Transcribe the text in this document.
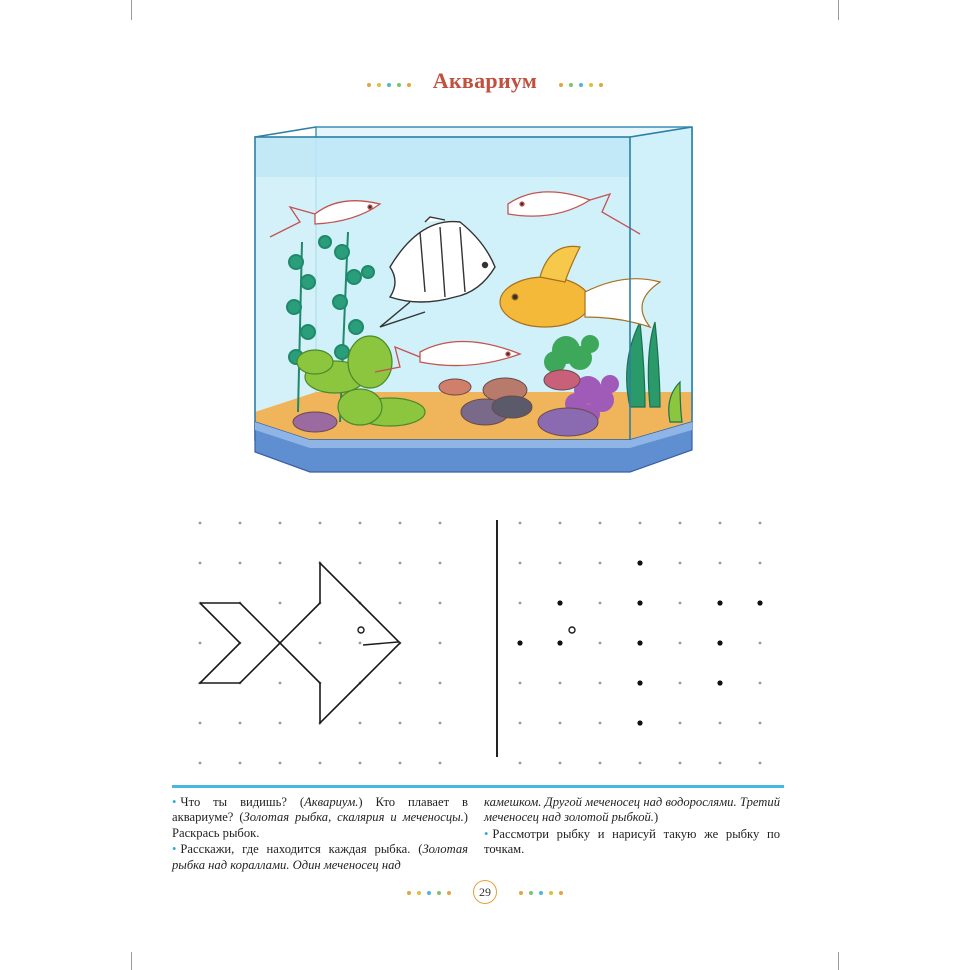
Аквариум

• Что ты видишь? (Аквариум.) Кто плавает в аквариуме? (Золотая рыбка, скалярия и меченосцы.) Раскрась рыбок.

• Расскажи, где находится каждая рыбка. (Золотая рыбка над кораллами. Один меченосец над

камешком. Другой меченосец над водорослями. Третий меченосец над золотой рыбкой.)

• Рассмотри рыбку и нарисуй такую же рыбку по точкам.

29
